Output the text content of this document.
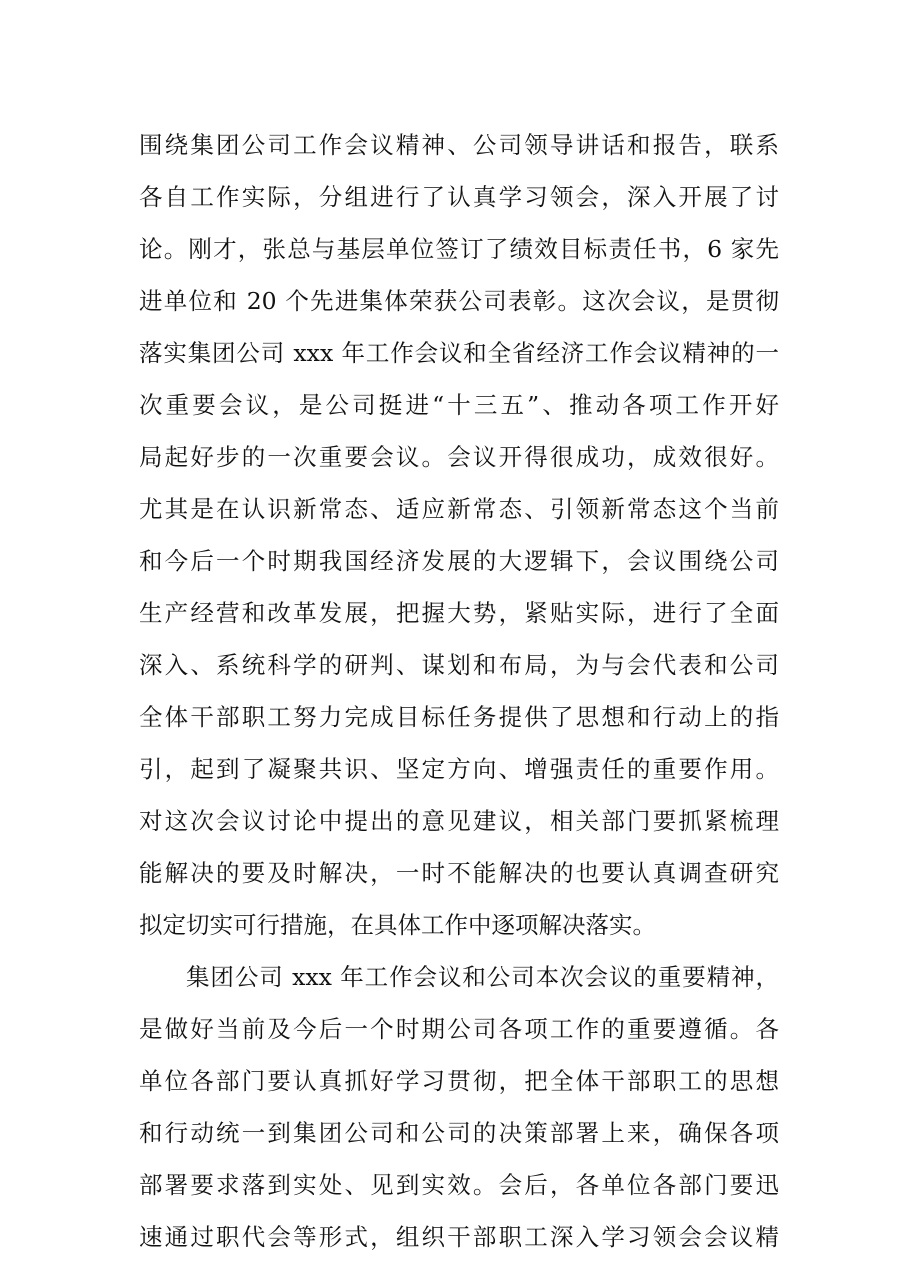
围绕集团公司工作会议精神、公司领导讲话和报告，联系
各自工作实际，分组进行了认真学习领会，深入开展了讨
论。刚才，张总与基层单位签订了绩效目标责任书，6 家先
进单位和 20 个先进集体荣获公司表彰。这次会议，是贯彻
落实集团公司 xxx 年工作会议和全省经济工作会议精神的一
次重要会议，是公司挺进“十三五”、推动各项工作开好
局起好步的一次重要会议。会议开得很成功，成效很好。
尤其是在认识新常态、适应新常态、引领新常态这个当前
和今后一个时期我国经济发展的大逻辑下，会议围绕公司
生产经营和改革发展，把握大势，紧贴实际，进行了全面
深入、系统科学的研判、谋划和布局，为与会代表和公司
全体干部职工努力完成目标任务提供了思想和行动上的指
引，起到了凝聚共识、坚定方向、增强责任的重要作用。
对这次会议讨论中提出的意见建议，相关部门要抓紧梳理
能解决的要及时解决，一时不能解决的也要认真调查研究
拟定切实可行措施，在具体工作中逐项解决落实。
集团公司 xxx 年工作会议和公司本次会议的重要精神，
是做好当前及今后一个时期公司各项工作的重要遵循。各
单位各部门要认真抓好学习贯彻，把全体干部职工的思想
和行动统一到集团公司和公司的决策部署上来，确保各项
部署要求落到实处、见到实效。会后，各单位各部门要迅
速通过职代会等形式，组织干部职工深入学习领会会议精
